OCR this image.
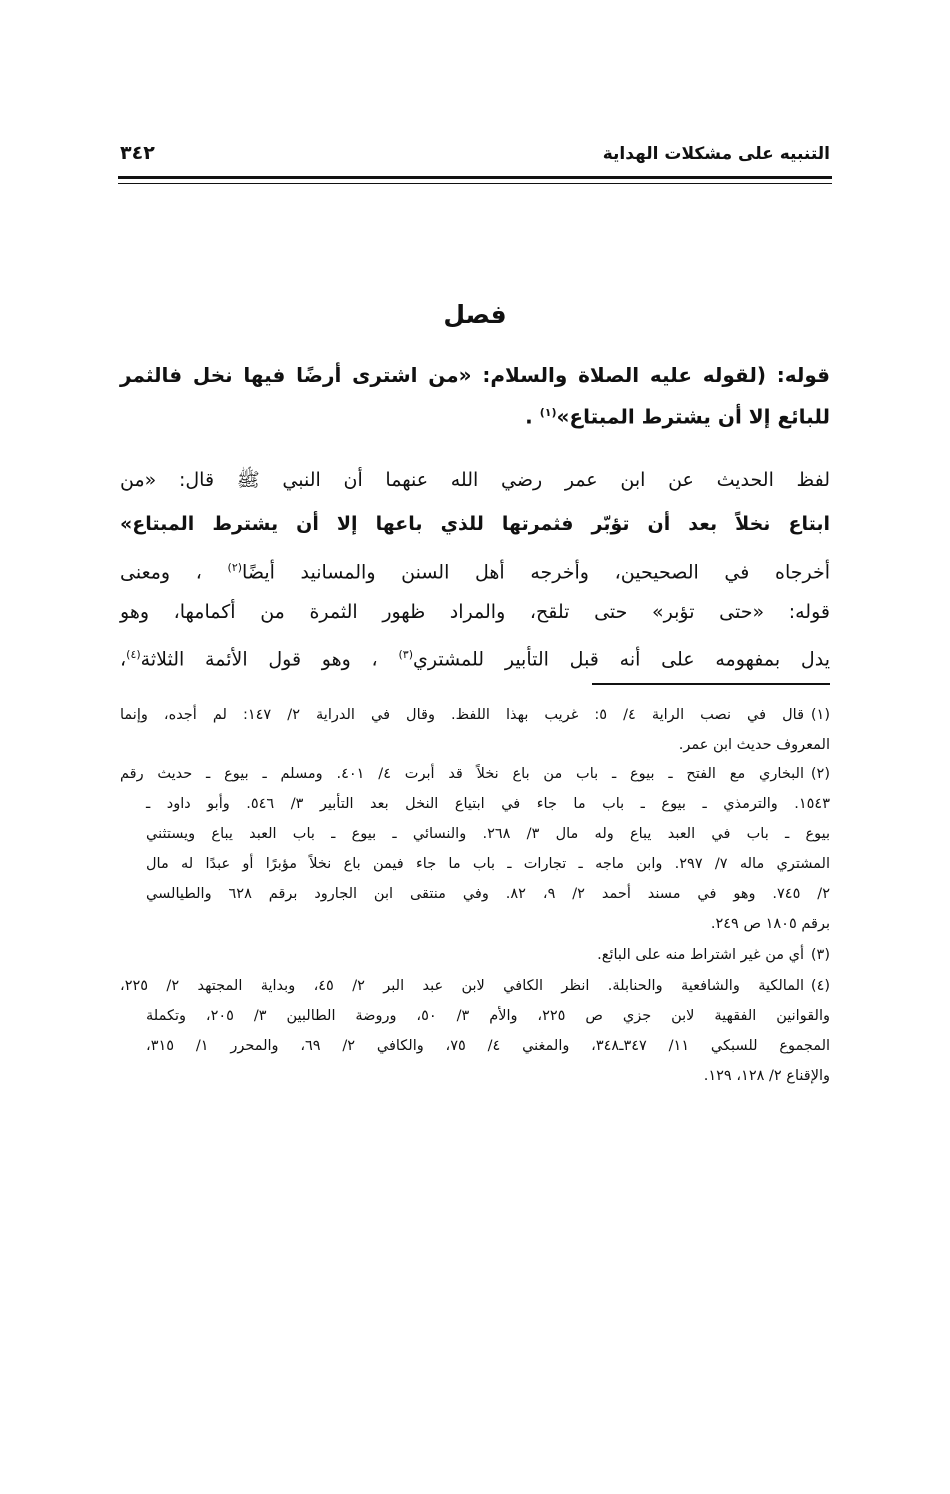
التنبيه على مشكلات الهداية
٣٤٢
فصل
قوله: (لقوله عليه الصلاة والسلام: «من اشترى أرضًا فيها نخل فالثمر
للبائع إلا أن يشترط المبتاع»$^{(١)}$ .
لفظ الحديث عن ابن عمر رضي الله عنهما أن النبي ﷺ قال: «من
ابتاع نخلاً بعد أن تؤبّر فثمرتها للذي باعها إلا أن يشترط المبتاع»
أخرجاه في الصحيحين، وأخرجه أهل السنن والمسانيد أيضًا$^{(٢)}$ ، ومعنى
قوله: «حتى تؤبر» حتى تلقح، والمراد ظهور الثمرة من أكمامها، وهو
يدل بمفهومه على أنه قبل التأبير للمشتري$^{(٣)}$ ، وهو قول الأئمة الثلاثة$^{(٤)}$،
(١)قال في نصب الراية ٤/ ٥: غريب بهذا اللفظ. وقال في الدراية ٢/ ١٤٧: لم أجده، وإنما
المعروف حديث ابن عمر.
(٢)البخاري مع الفتح ـ بيوع ـ باب من باع نخلاً قد أبرت ٤/ ٤٠١. ومسلم ـ بيوع ـ حديث رقم
١٥٤٣. والترمذي ـ بيوع ـ باب ما جاء في ابتياع النخل بعد التأبير ٣/ ٥٤٦. وأبو داود ـ
بيوع ـ باب في العبد يباع وله مال ٣/ ٢٦٨. والنسائي ـ بيوع ـ باب العبد يباع ويستثني
المشتري ماله ٧/ ٢٩٧. وابن ماجه ـ تجارات ـ باب ما جاء فيمن باع نخلاً مؤبرًا أو عبدًا له مال
٢/ ٧٤٥. وهو في مسند أحمد ٢/ ٩، ٨٢. وفي منتقى ابن الجارود برقم ٦٢٨ والطيالسي
برقم ١٨٠٥ ص ٢٤٩.
(٣)أي من غير اشتراط منه على البائع.
(٤)المالكية والشافعية والحنابلة. انظر الكافي لابن عبد البر ٢/ ٤٥، وبداية المجتهد ٢/ ٢٢٥،
والقوانين الفقهية لابن جزي ص ٢٢٥، والأم ٣/ ٥٠، وروضة الطالبين ٣/ ٢٠٥، وتكملة
المجموع للسبكي ١١/ ٣٤٧ـ٣٤٨، والمغني ٤/ ٧٥، والكافي ٢/ ٦٩، والمحرر ١/ ٣١٥،
والإقناع ٢/ ١٢٨، ١٢٩.
